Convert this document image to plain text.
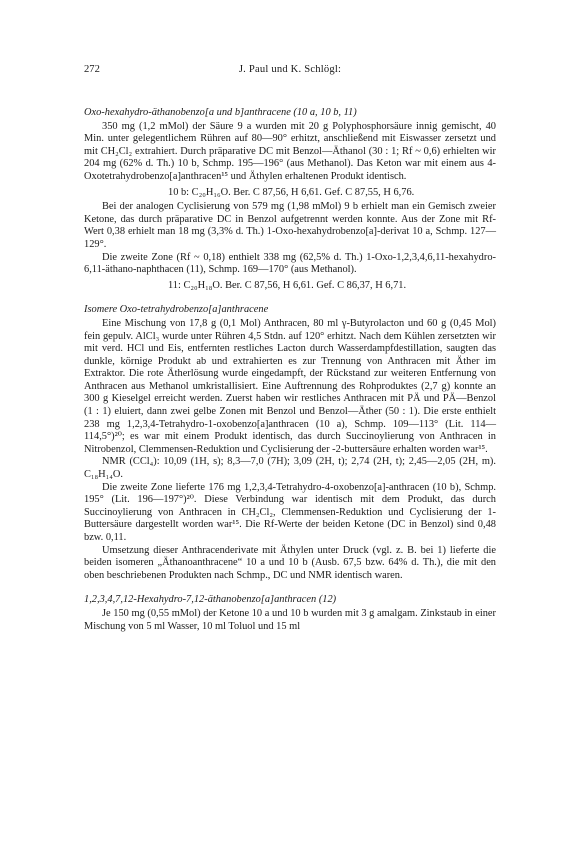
272	J. Paul und K. Schlögl:
Oxo-hexahydro-äthanobenzo[a und b]anthracene (10 a, 10 b, 11)

350 mg (1,2 mMol) der Säure 9 a wurden mit 20 g Polyphosphorsäure innig gemischt, 40 Min. unter gelegentlichem Rühren auf 80—90° erhitzt, anschließend mit Eiswasser zersetzt und mit CH₂Cl₂ extrahiert. Durch präparative DC mit Benzol—Äthanol (30 : 1; Rf ~ 0,6) erhielten wir 204 mg (62% d. Th.) 10 b, Schmp. 195—196° (aus Methanol). Das Keton war mit einem aus 4-Oxotetrahydrobenzo[a]anthracen¹⁵ und Äthylen erhaltenen Produkt identisch.

10 b: C₂₀H₁₆O. Ber. C 87,56, H 6,61. Gef. C 87,55, H 6,76.

Bei der analogen Cyclisierung von 579 mg (1,98 mMol) 9 b erhielt man ein Gemisch zweier Ketone, das durch präparative DC in Benzol aufgetrennt werden konnte. Aus der Zone mit Rf-Wert 0,38 erhielt man 18 mg (3,3% d. Th.) 1-Oxo-hexahydrobenzo[a]-derivat 10 a, Schmp. 127—129°.

Die zweite Zone (Rf ~ 0,18) enthielt 338 mg (62,5% d. Th.) 1-Oxo-1,2,3,4,6,11-hexahydro-6,11-äthano-naphthacen (11), Schmp. 169—170° (aus Methanol).

11: C₂₀H₁₈O. Ber. C 87,56, H 6,61. Gef. C 86,37, H 6,71.

Isomere Oxo-tetrahydrobenzo[a]anthracene

Eine Mischung von 17,8 g (0,1 Mol) Anthracen, 80 ml γ-Butyrolacton und 60 g (0,45 Mol) fein gepulv. AlCl₃ wurde unter Rühren 4,5 Stdn. auf 120° erhitzt. Nach dem Kühlen zersetzten wir mit verd. HCl und Eis, entfernten restliches Lacton durch Wasserdampfdestillation, saugten das dunkle, körnige Produkt ab und extrahierten es zur Trennung von Anthracen mit Äther im Extraktor. Die rote Ätherlösung wurde eingedampft, der Rückstand zur weiteren Entfernung von Anthracen aus Methanol umkristallisiert. Eine Auftrennung des Rohproduktes (2,7 g) konnte an 300 g Kieselgel erreicht werden. Zuerst haben wir restliches Anthracen mit PÄ und PÄ—Benzol (1 : 1) eluiert, dann zwei gelbe Zonen mit Benzol und Benzol—Äther (50 : 1). Die erste enthielt 238 mg 1,2,3,4-Tetrahydro-1-oxobenzo[a]anthracen (10 a), Schmp. 109—113° (Lit. 114—114,5°)²⁰; es war mit einem Produkt identisch, das durch Succinoylierung von Anthracen in Nitrobenzol, Clemmensen-Reduktion und Cyclisierung der -2-buttersäure erhalten worden war¹⁵.

NMR (CCl₄): 10,09 (1H, s); 8,3—7,0 (7H); 3,09 (2H, t); 2,74 (2H, t); 2,45—2,05 (2H, m). C₁₈H₁₄O.

Die zweite Zone lieferte 176 mg 1,2,3,4-Tetrahydro-4-oxobenzo[a]-anthracen (10 b), Schmp. 195° (Lit. 196—197°)²⁰. Diese Verbindung war identisch mit dem Produkt, das durch Succinoylierung von Anthracen in CH₂Cl₂, Clemmensen-Reduktion und Cyclisierung der 1-Buttersäure dargestellt worden war¹⁵. Die Rf-Werte der beiden Ketone (DC in Benzol) sind 0,48 bzw. 0,11.

Umsetzung dieser Anthracenderivate mit Äthylen unter Druck (vgl. z. B. bei 1) lieferte die beiden isomeren „Äthanoanthracene“ 10 a und 10 b (Ausb. 67,5 bzw. 64% d. Th.), die mit den oben beschriebenen Produkten nach Schmp., DC und NMR identisch waren.

1,2,3,4,7,12-Hexahydro-7,12-äthanobenzo[a]anthracen (12)

Je 150 mg (0,55 mMol) der Ketone 10 a und 10 b wurden mit 3 g amalgam. Zinkstaub in einer Mischung von 5 ml Wasser, 10 ml Toluol und 15 ml
